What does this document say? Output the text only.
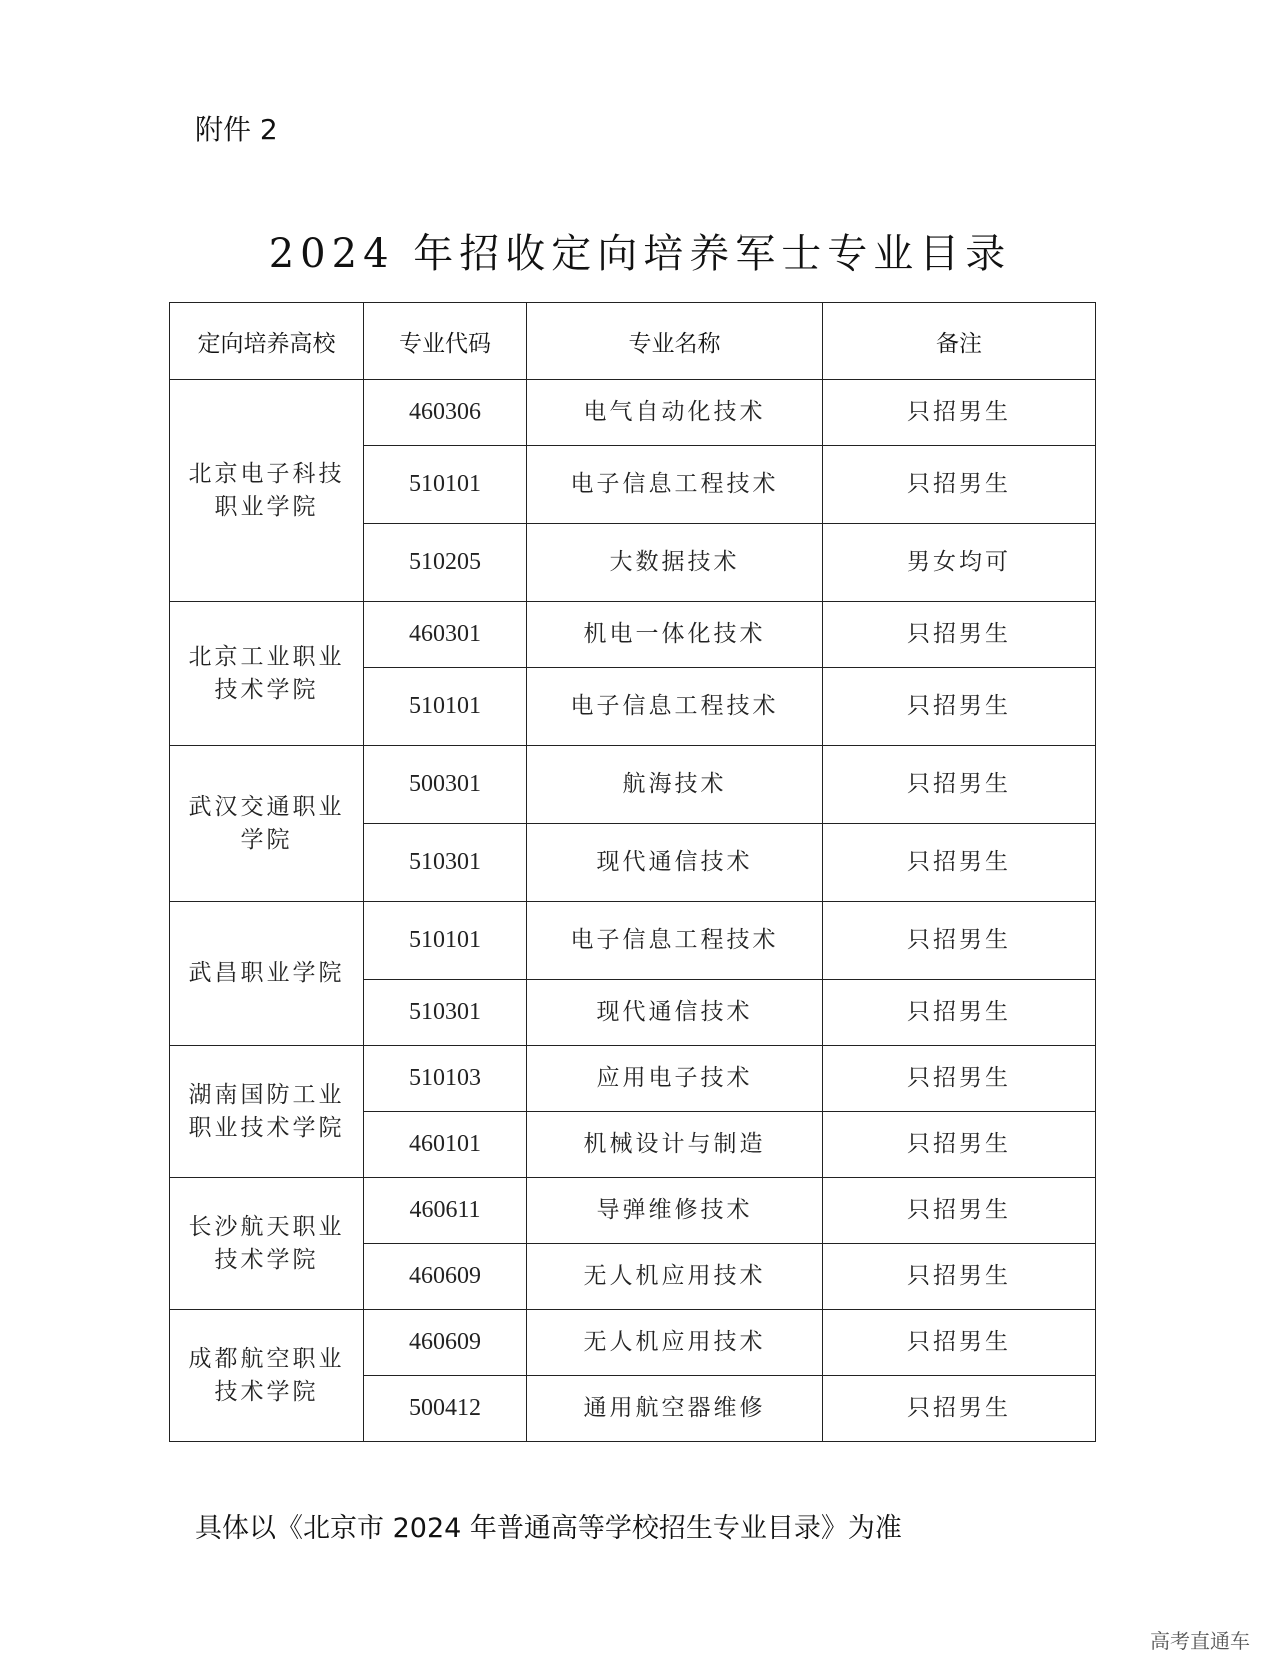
附件 2
2024 年招收定向培养军士专业目录
定向培养高校	专业代码	专业名称	备注
北京电子科技职业学院	460306	电气自动化技术	只招男生
	510101	电子信息工程技术	只招男生
	510205	大数据技术	男女均可
北京工业职业技术学院	460301	机电一体化技术	只招男生
	510101	电子信息工程技术	只招男生
武汉交通职业学院	500301	航海技术	只招男生
	510301	现代通信技术	只招男生
武昌职业学院	510101	电子信息工程技术	只招男生
	510301	现代通信技术	只招男生
湖南国防工业职业技术学院	510103	应用电子技术	只招男生
	460101	机械设计与制造	只招男生
长沙航天职业技术学院	460611	导弹维修技术	只招男生
	460609	无人机应用技术	只招男生
成都航空职业技术学院	460609	无人机应用技术	只招男生
	500412	通用航空器维修	只招男生
具体以《北京市 2024 年普通高等学校招生专业目录》为准
高考直通车
